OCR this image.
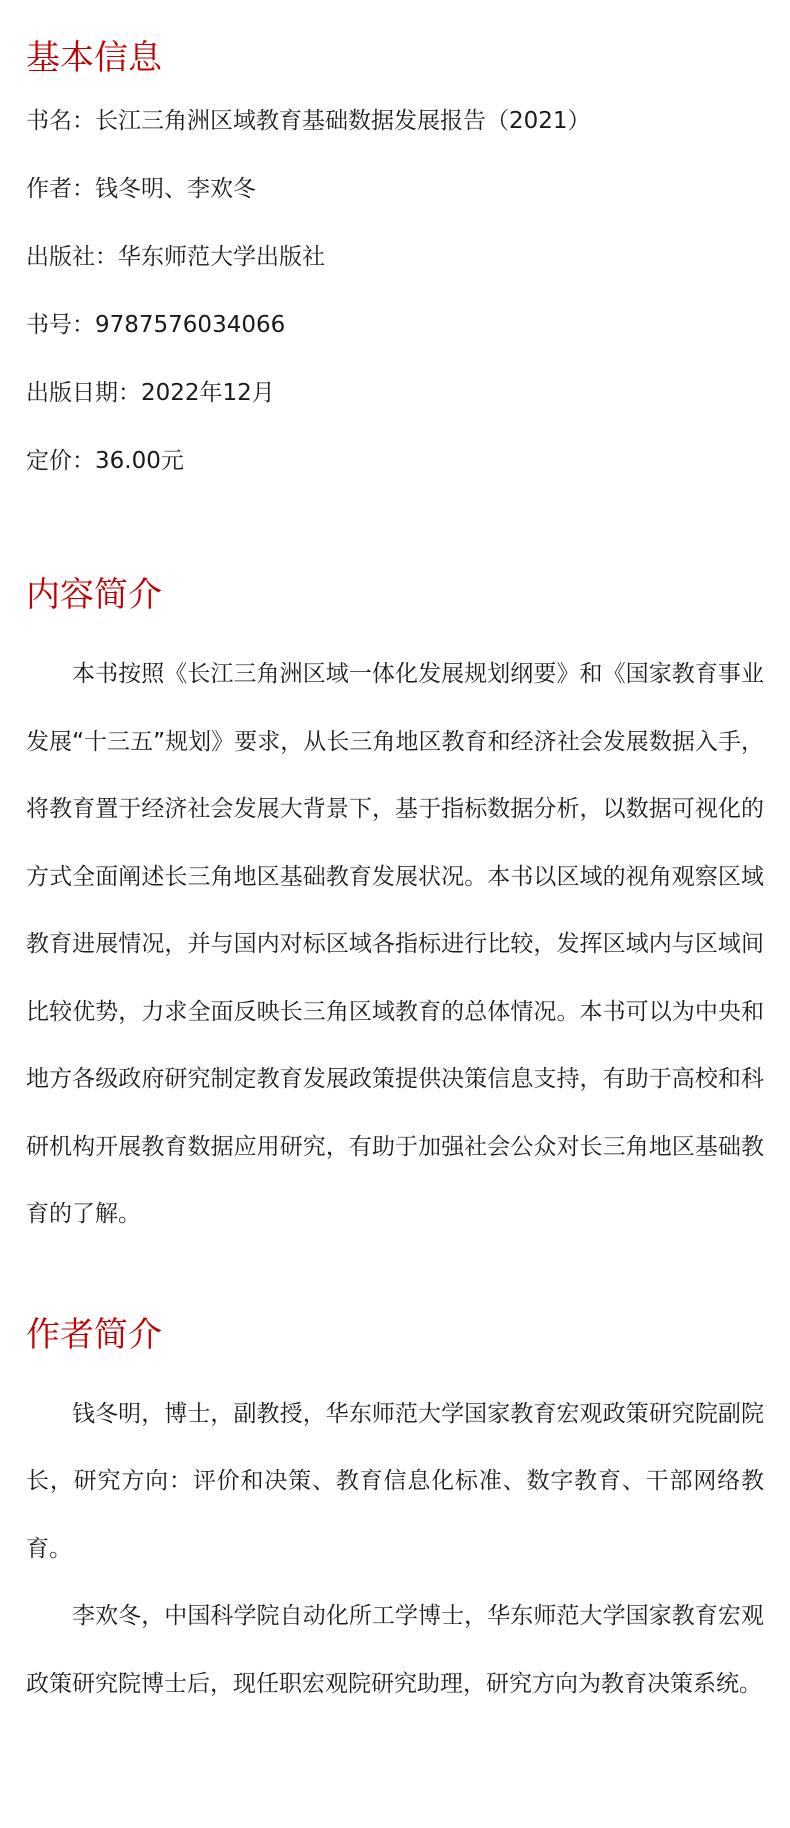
基本信息

书名：长江三角洲区域教育基础数据发展报告（2021）

作者：钱冬明、李欢冬

出版社：华东师范大学出版社

书号：9787576034066

出版日期：2022年12月

定价：36.00元

内容简介

本书按照《长江三角洲区域一体化发展规划纲要》和《国家教育事业发展“十三五”规划》要求，从长三角地区教育和经济社会发展数据入手，将教育置于经济社会发展大背景下，基于指标数据分析，以数据可视化的方式全面阐述长三角地区基础教育发展状况。本书以区域的视角观察区域教育进展情况，并与国内对标区域各指标进行比较，发挥区域内与区域间比较优势，力求全面反映长三角区域教育的总体情况。本书可以为中央和地方各级政府研究制定教育发展政策提供决策信息支持，有助于高校和科研机构开展教育数据应用研究，有助于加强社会公众对长三角地区基础教育的了解。

作者简介

钱冬明，博士，副教授，华东师范大学国家教育宏观政策研究院副院长，研究方向：评价和决策、教育信息化标准、数字教育、干部网络教育。

李欢冬，中国科学院自动化所工学博士，华东师范大学国家教育宏观政策研究院博士后，现任职宏观院研究助理，研究方向为教育决策系统。
